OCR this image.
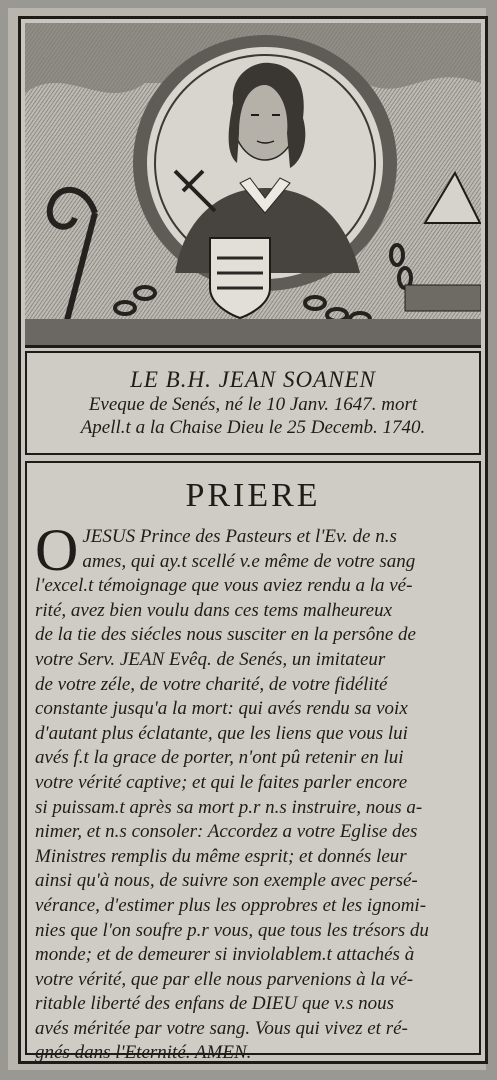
LE B.H. JEAN SOANEN
Eveque de Senés, né le 10 Janv. 1647. mort
Apell.t a la Chaise Dieu le 25 Decemb. 1740.
PRIERE
O JESUS Prince des Pasteurs et l'Ev. de n.s
ames, qui ay.t scellé v.e même de votre sang
l'excel.t témoignage que vous aviez rendu a la vé-
rité, avez bien voulu dans ces tems malheureux
de la tie des siécles nous susciter en la persône de
votre Serv. JEAN Evêq. de Senés, un imitateur
de votre zéle, de votre charité, de votre fidélité
constante jusqu'a la mort: qui avés rendu sa voix
d'autant plus éclatante, que les liens que vous lui
avés f.t la grace de porter, n'ont pû retenir en lui
votre vérité captive; et qui le faites parler encore
si puissam.t après sa mort p.r n.s instruire, nous a-
nimer, et n.s consoler: Accordez a votre Eglise des
Ministres remplis du même esprit; et donnés leur
ainsi qu'à nous, de suivre son exemple avec persé-
vérance, d'estimer plus les opprobres et les ignomi-
nies que l'on soufre p.r vous, que tous les trésors du
monde; et de demeurer si inviolablem.t attachés à
votre vérité, que par elle nous parvenions à la vé-
ritable liberté des enfans de DIEU que v.s nous
avés méritée par votre sang. Vous qui vivez et ré-
gnés dans l'Eternité. AMEN.
